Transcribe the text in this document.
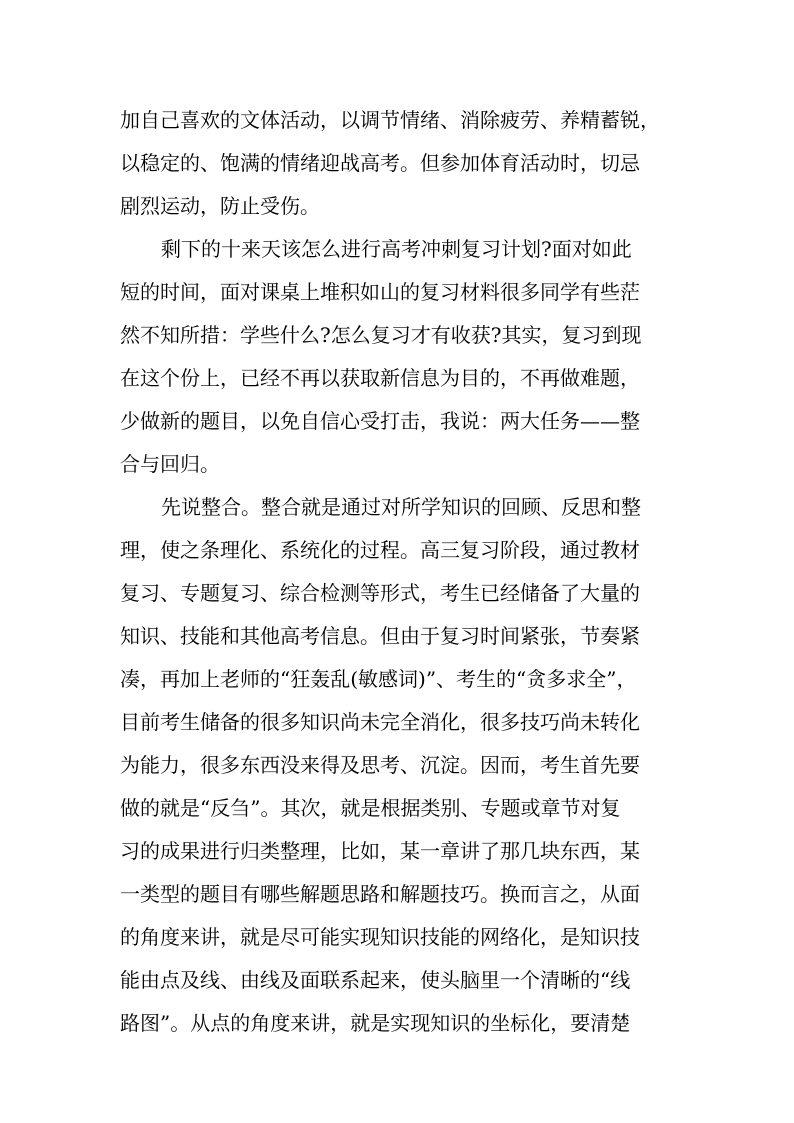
加自己喜欢的文体活动，以调节情绪、消除疲劳、养精蓄锐，
以稳定的、饱满的情绪迎战高考。但参加体育活动时，切忌
剧烈运动，防止受伤。
剩下的十来天该怎么进行高考冲刺复习计划?面对如此
短的时间，面对课桌上堆积如山的复习材料很多同学有些茫
然不知所措：学些什么?怎么复习才有收获?其实，复习到现
在这个份上，已经不再以获取新信息为目的，不再做难题，
少做新的题目，以免自信心受打击，我说：两大任务——整
合与回归。
先说整合。整合就是通过对所学知识的回顾、反思和整
理，使之条理化、系统化的过程。高三复习阶段，通过教材
复习、专题复习、综合检测等形式，考生已经储备了大量的
知识、技能和其他高考信息。但由于复习时间紧张，节奏紧
凑，再加上老师的“狂轰乱(敏感词)”、考生的“贪多求全”，
目前考生储备的很多知识尚未完全消化，很多技巧尚未转化
为能力，很多东西没来得及思考、沉淀。因而，考生首先要
做的就是“反刍”。其次，就是根据类别、专题或章节对复
习的成果进行归类整理，比如，某一章讲了那几块东西，某
一类型的题目有哪些解题思路和解题技巧。换而言之，从面
的角度来讲，就是尽可能实现知识技能的网络化，是知识技
能由点及线、由线及面联系起来，使头脑里一个清晰的“线
路图”。从点的角度来讲，就是实现知识的坐标化，要清楚
